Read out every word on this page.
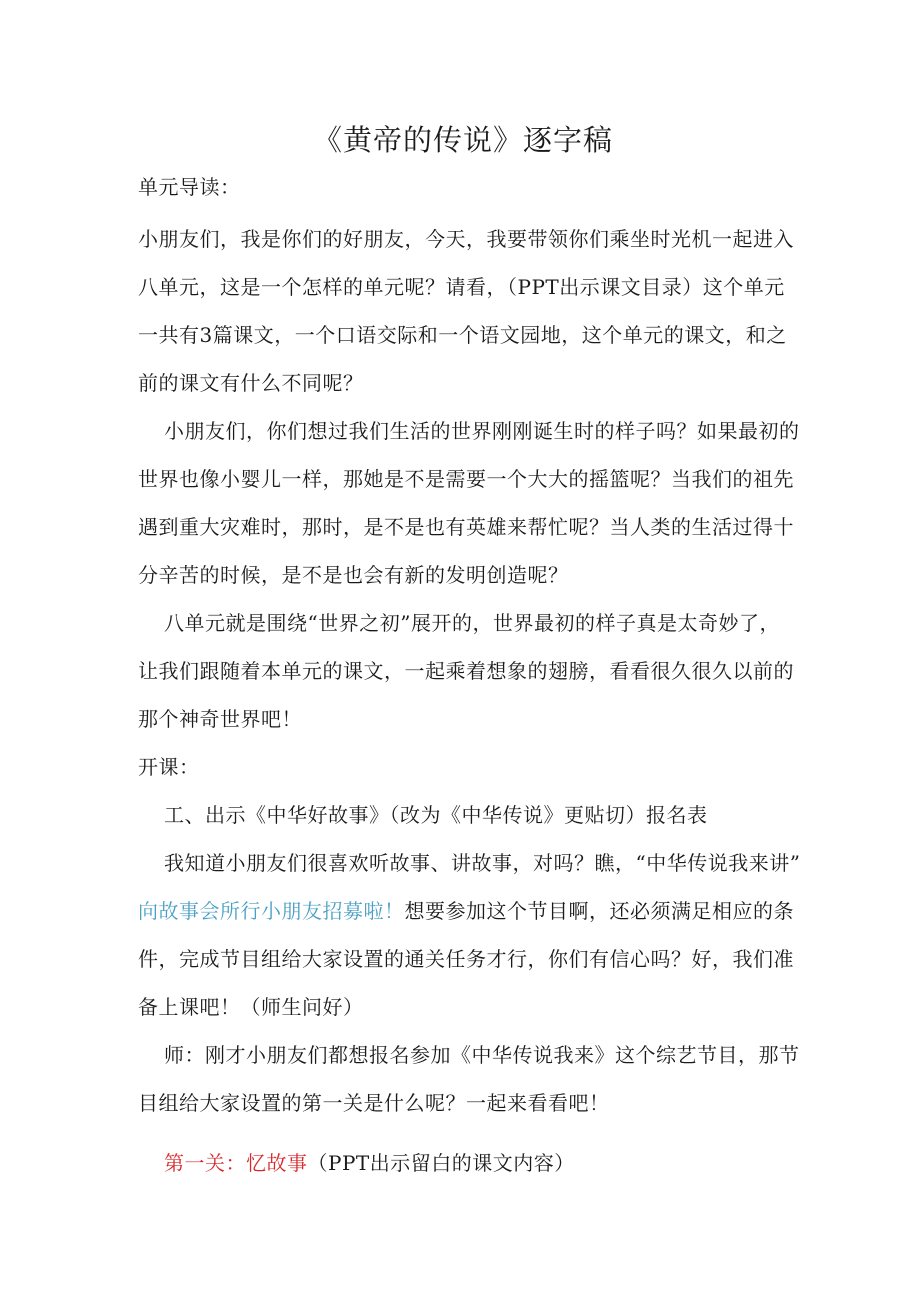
《黄帝的传说》逐字稿
单元导读：
小朋友们，我是你们的好朋友，今天，我要带领你们乘坐时光机一起进入
八单元，这是一个怎样的单元呢？请看，（PPT出示课文目录）这个单元
一共有3篇课文，一个口语交际和一个语文园地，这个单元的课文，和之
前的课文有什么不同呢？
小朋友们，你们想过我们生活的世界刚刚诞生时的样子吗？如果最初的
世界也像小婴儿一样，那她是不是需要一个大大的摇篮呢？当我们的祖先
遇到重大灾难时，那时，是不是也有英雄来帮忙呢？当人类的生活过得十
分辛苦的时候，是不是也会有新的发明创造呢？
八单元就是围绕“世界之初”展开的，世界最初的样子真是太奇妙了，
让我们跟随着本单元的课文，一起乘着想象的翅膀，看看很久很久以前的
那个神奇世界吧！
开课：
工、出示《中华好故事》（改为《中华传说》更贴切）报名表
我知道小朋友们很喜欢听故事、讲故事，对吗？瞧，“中华传说我来讲”
向故事会所行小朋友招募啦！想要参加这个节目啊，还必须满足相应的条
件，完成节目组给大家设置的通关任务才行，你们有信心吗？好，我们准
备上课吧！（师生问好）
师：刚才小朋友们都想报名参加《中华传说我来》这个综艺节目，那节
目组给大家设置的第一关是什么呢？一起来看看吧！
第一关：忆故事（PPT出示留白的课文内容）
